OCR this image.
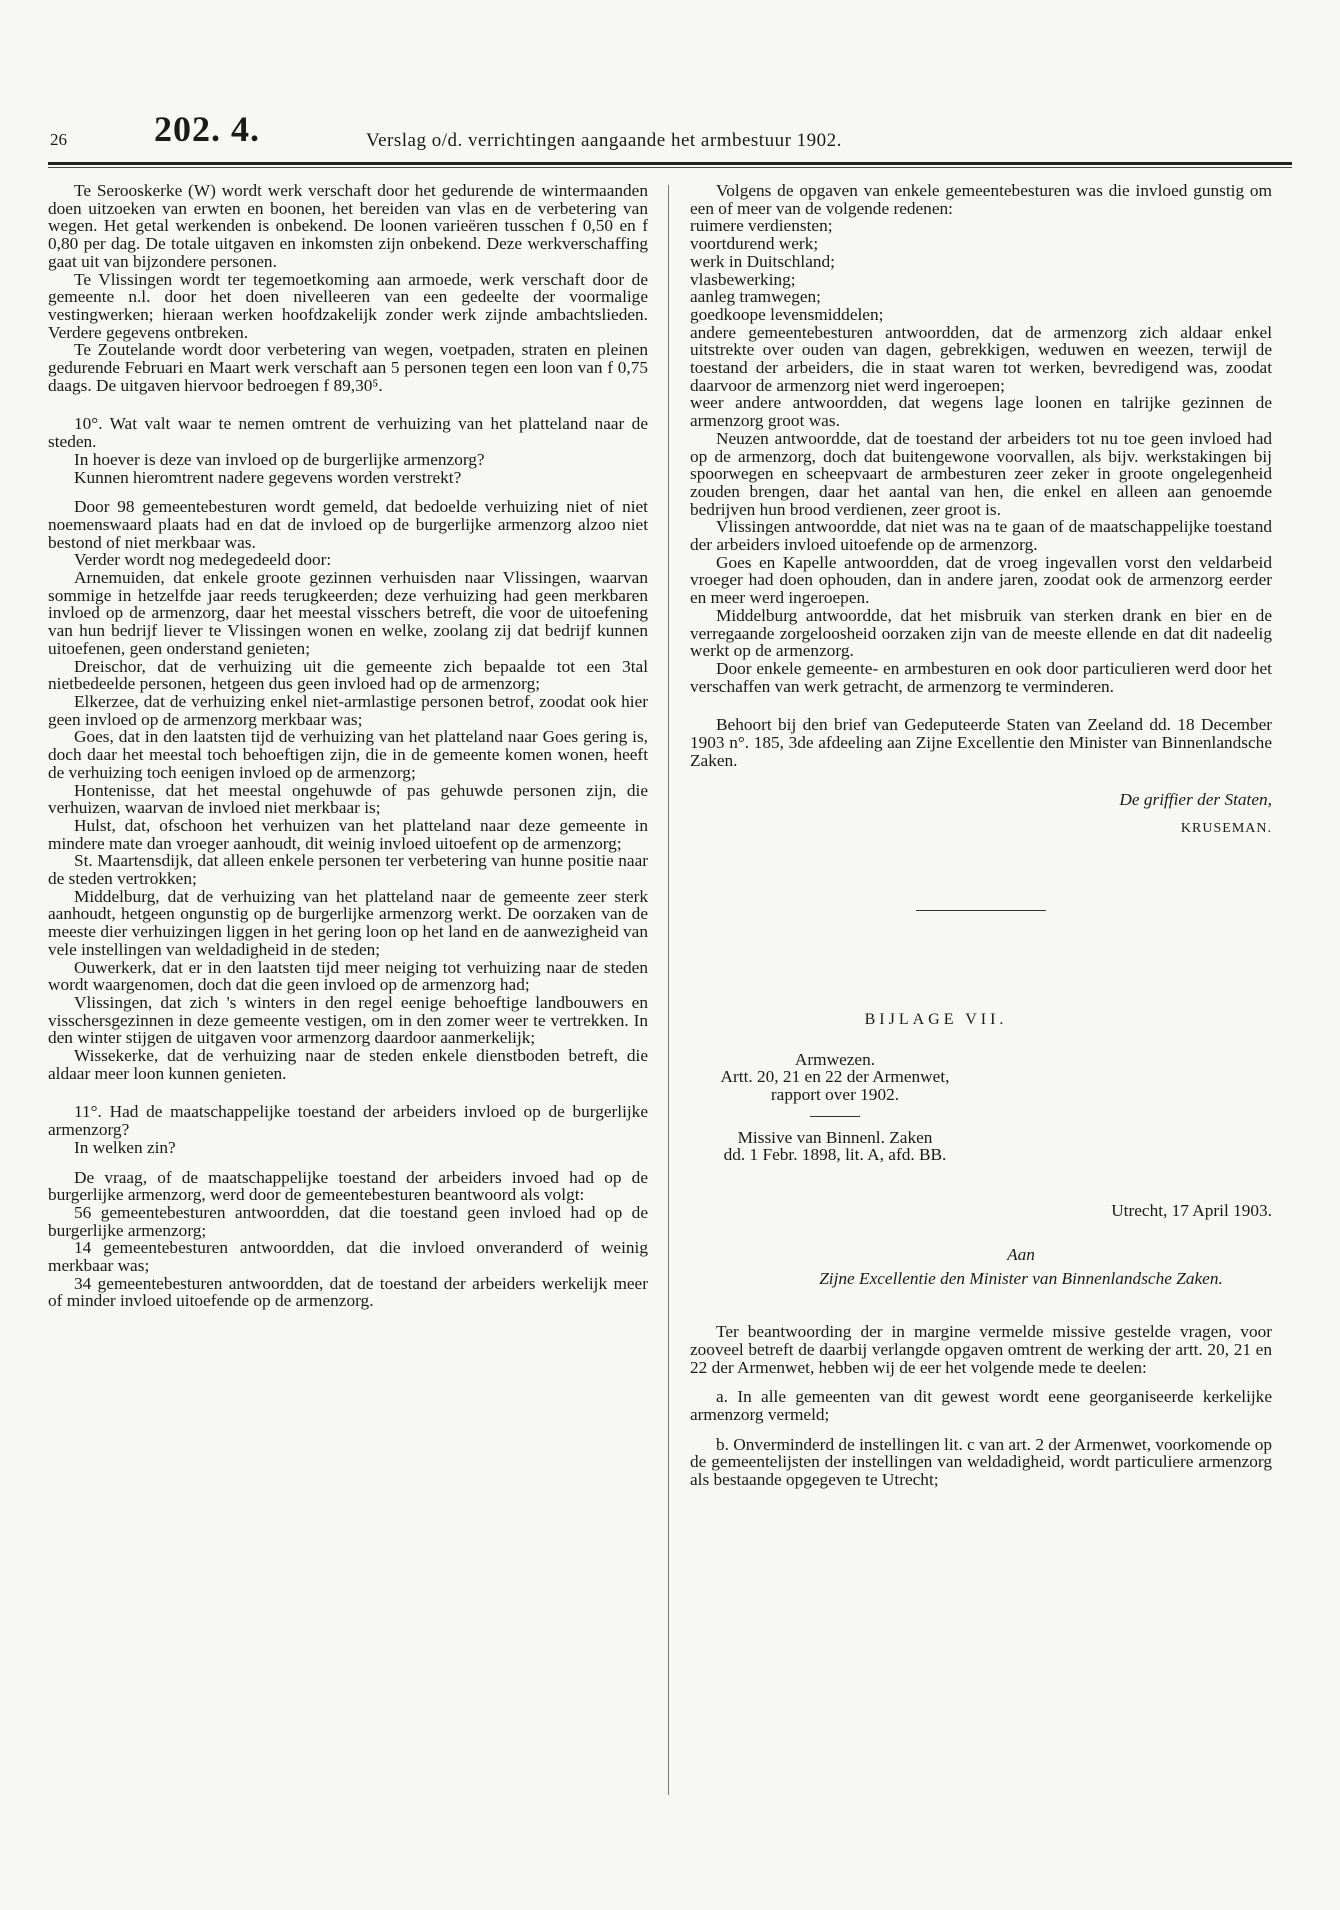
26 202. 4.	Verslag o/d. verrichtingen aangaande het armbestuur 1902.

Te Serooskerke (W) wordt werk verschaft door het gedurende de wintermaanden doen uitzoeken van erwten en boonen, het bereiden van vlas en de verbetering van wegen. Het getal werkenden is onbekend. De loonen varieëren tusschen f 0,50 en f 0,80 per dag. De totale uitgaven en inkomsten zijn onbekend. Deze werkverschaffing gaat uit van bijzondere personen.

Te Vlissingen wordt ter tegemoetkoming aan armoede, werk verschaft door de gemeente n.l. door het doen nivelleeren van een gedeelte der voormalige vestingwerken; hieraan werken hoofdzakelijk zonder werk zijnde ambachtslieden. Verdere gegevens ontbreken.

Te Zoutelande wordt door verbetering van wegen, voetpaden, straten en pleinen gedurende Februari en Maart werk verschaft aan 5 personen tegen een loon van f 0,75 daags. De uitgaven hiervoor bedroegen f 89,30⁵.

10°. Wat valt waar te nemen omtrent de verhuizing van het platteland naar de steden.

In hoever is deze van invloed op de burgerlijke armenzorg?

Kunnen hieromtrent nadere gegevens worden verstrekt?

Door 98 gemeentebesturen wordt gemeld, dat bedoelde verhuizing niet of niet noemenswaard plaats had en dat de invloed op de burgerlijke armenzorg alzoo niet bestond of niet merkbaar was.

Verder wordt nog medegedeeld door:

Arnemuiden, dat enkele groote gezinnen verhuisden naar Vlissingen, waarvan sommige in hetzelfde jaar reeds terugkeerden; deze verhuizing had geen merkbaren invloed op de armenzorg, daar het meestal visschers betreft, die voor de uitoefening van hun bedrijf liever te Vlissingen wonen en welke, zoolang zij dat bedrijf kunnen uitoefenen, geen onderstand genieten;

Dreischor, dat de verhuizing uit die gemeente zich bepaalde tot een 3tal nietbedeelde personen, hetgeen dus geen invloed had op de armenzorg;

Elkerzee, dat de verhuizing enkel niet-armlastige personen betrof, zoodat ook hier geen invloed op de armenzorg merkbaar was;

Goes, dat in den laatsten tijd de verhuizing van het platteland naar Goes gering is, doch daar het meestal toch behoeftigen zijn, die in de gemeente komen wonen, heeft de verhuizing toch eenigen invloed op de armenzorg;

Hontenisse, dat het meestal ongehuwde of pas gehuwde personen zijn, die verhuizen, waarvan de invloed niet merkbaar is;

Hulst, dat, ofschoon het verhuizen van het platteland naar deze gemeente in mindere mate dan vroeger aanhoudt, dit weinig invloed uitoefent op de armenzorg;

St. Maartensdijk, dat alleen enkele personen ter verbetering van hunne positie naar de steden vertrokken;

Middelburg, dat de verhuizing van het platteland naar de gemeente zeer sterk aanhoudt, hetgeen ongunstig op de burgerlijke armenzorg werkt. De oorzaken van de meeste dier verhuizingen liggen in het gering loon op het land en de aanwezigheid van vele instellingen van weldadigheid in de steden;

Ouwerkerk, dat er in den laatsten tijd meer neiging tot verhuizing naar de steden wordt waargenomen, doch dat die geen invloed op de armenzorg had;

Vlissingen, dat zich 's winters in den regel eenige behoeftige landbouwers en visschersgezinnen in deze gemeente vestigen, om in den zomer weer te vertrekken. In den winter stijgen de uitgaven voor armenzorg daardoor aanmerkelijk;

Wissekerke, dat de verhuizing naar de steden enkele dienstboden betreft, die aldaar meer loon kunnen genieten.

11°. Had de maatschappelijke toestand der arbeiders invloed op de burgerlijke armenzorg?

In welken zin?

De vraag, of de maatschappelijke toestand der arbeiders invoed had op de burgerlijke armenzorg, werd door de gemeentebesturen beantwoord als volgt:

56 gemeentebesturen antwoordden, dat die toestand geen invloed had op de burgerlijke armenzorg;

14 gemeentebesturen antwoordden, dat die invloed onveranderd of weinig merkbaar was;

34 gemeentebesturen antwoordden, dat de toestand der arbeiders werkelijk meer of minder invloed uitoefende op de armenzorg.

Volgens de opgaven van enkele gemeentebesturen was die invloed gunstig om een of meer van de volgende redenen:

ruimere verdiensten;

voortdurend werk;

werk in Duitschland;

vlasbewerking;

aanleg tramwegen;

goedkoope levensmiddelen;

andere gemeentebesturen antwoordden, dat de armenzorg zich aldaar enkel uitstrekte over ouden van dagen, gebrekkigen, weduwen en weezen, terwijl de toestand der arbeiders, die in staat waren tot werken, bevredigend was, zoodat daarvoor de armenzorg niet werd ingeroepen;

weer andere antwoordden, dat wegens lage loonen en talrijke gezinnen de armenzorg groot was.

Neuzen antwoordde, dat de toestand der arbeiders tot nu toe geen invloed had op de armenzorg, doch dat buitengewone voorvallen, als bijv. werkstakingen bij spoorwegen en scheepvaart de armbesturen zeer zeker in groote ongelegenheid zouden brengen, daar het aantal van hen, die enkel en alleen aan genoemde bedrijven hun brood verdienen, zeer groot is.

Vlissingen antwoordde, dat niet was na te gaan of de maatschappelijke toestand der arbeiders invloed uitoefende op de armenzorg.

Goes en Kapelle antwoordden, dat de vroeg ingevallen vorst den veldarbeid vroeger had doen ophouden, dan in andere jaren, zoodat ook de armenzorg eerder en meer werd ingeroepen.

Middelburg antwoordde, dat het misbruik van sterken drank en bier en de verregaande zorgeloosheid oorzaken zijn van de meeste ellende en dat dit nadeelig werkt op de armenzorg.

Door enkele gemeente- en armbesturen en ook door particulieren werd door het verschaffen van werk getracht, de armenzorg te verminderen.

Behoort bij den brief van Gedeputeerde Staten van Zeeland dd. 18 December 1903 n°. 185, 3de afdeeling aan Zijne Excellentie den Minister van Binnenlandsche Zaken.

De griffier der Staten,

KRUSEMAN.

BIJLAGE VII.

Armwezen.

Artt. 20, 21 en 22 der Armenwet,

rapport over 1902.

Missive van Binnenl. Zaken

dd. 1 Febr. 1898, lit. A, afd. BB.

Utrecht, 17 April 1903.

Aan

Zijne Excellentie den Minister van Binnenlandsche Zaken.

Ter beantwoording der in margine vermelde missive gestelde vragen, voor zooveel betreft de daarbij verlangde opgaven omtrent de werking der artt. 20, 21 en 22 der Armenwet, hebben wij de eer het volgende mede te deelen:

a. In alle gemeenten van dit gewest wordt eene georganiseerde kerkelijke armenzorg vermeld;

b. Onverminderd de instellingen lit. c van art. 2 der Armenwet, voorkomende op de gemeentelijsten der instellingen van weldadigheid, wordt particuliere armenzorg als bestaande opgegeven te Utrecht;
